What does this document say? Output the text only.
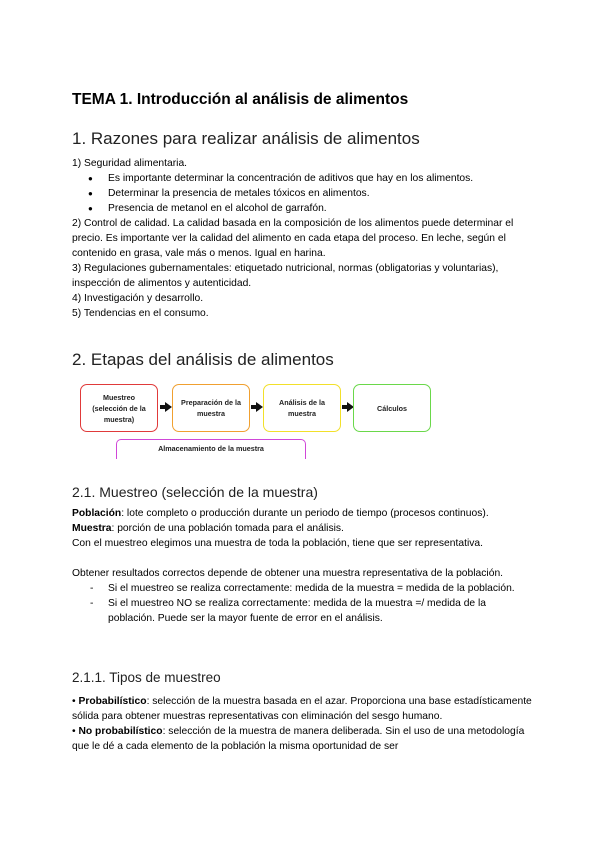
TEMA 1. Introducción al análisis de alimentos
1. Razones para realizar análisis de alimentos

1) Seguridad alimentaria.

● Es importante determinar la concentración de aditivos que hay en los alimentos.
● Determinar la presencia de metales tóxicos en alimentos.
● Presencia de metanol en el alcohol de garrafón.

2) Control de calidad. La calidad basada en la composición de los alimentos puede determinar el precio. Es importante ver la calidad del alimento en cada etapa del proceso. En leche, según el contenido en grasa, vale más o menos. Igual en harina.

3) Regulaciones gubernamentales: etiquetado nutricional, normas (obligatorias y voluntarias), inspección de alimentos y autenticidad.

4) Investigación y desarrollo.

5) Tendencias en el consumo.

2. Etapas del análisis de alimentos
Muestreo (selección de la muestra)
Preparación de la muestra
Análisis de la muestra
Cálculos
Almacenamiento de la muestra
2.1. Muestreo (selección de la muestra)

Población: lote completo o producción durante un periodo de tiempo (procesos continuos).

Muestra: porción de una población tomada para el análisis.

Con el muestreo elegimos una muestra de toda la población, tiene que ser representativa.

Obtener resultados correctos depende de obtener una muestra representativa de la población.

- Si el muestreo se realiza correctamente: medida de la muestra = medida de la población.
- Si el muestreo NO se realiza correctamente: medida de la muestra =/ medida de la población. Puede ser la mayor fuente de error en el análisis.
2.1.1. Tipos de muestreo

• Probabilístico: selección de la muestra basada en el azar. Proporciona una base estadísticamente sólida para obtener muestras representativas con eliminación del sesgo humano.

• No probabilístico: selección de la muestra de manera deliberada. Sin el uso de una metodología que le dé a cada elemento de la población la misma oportunidad de ser
